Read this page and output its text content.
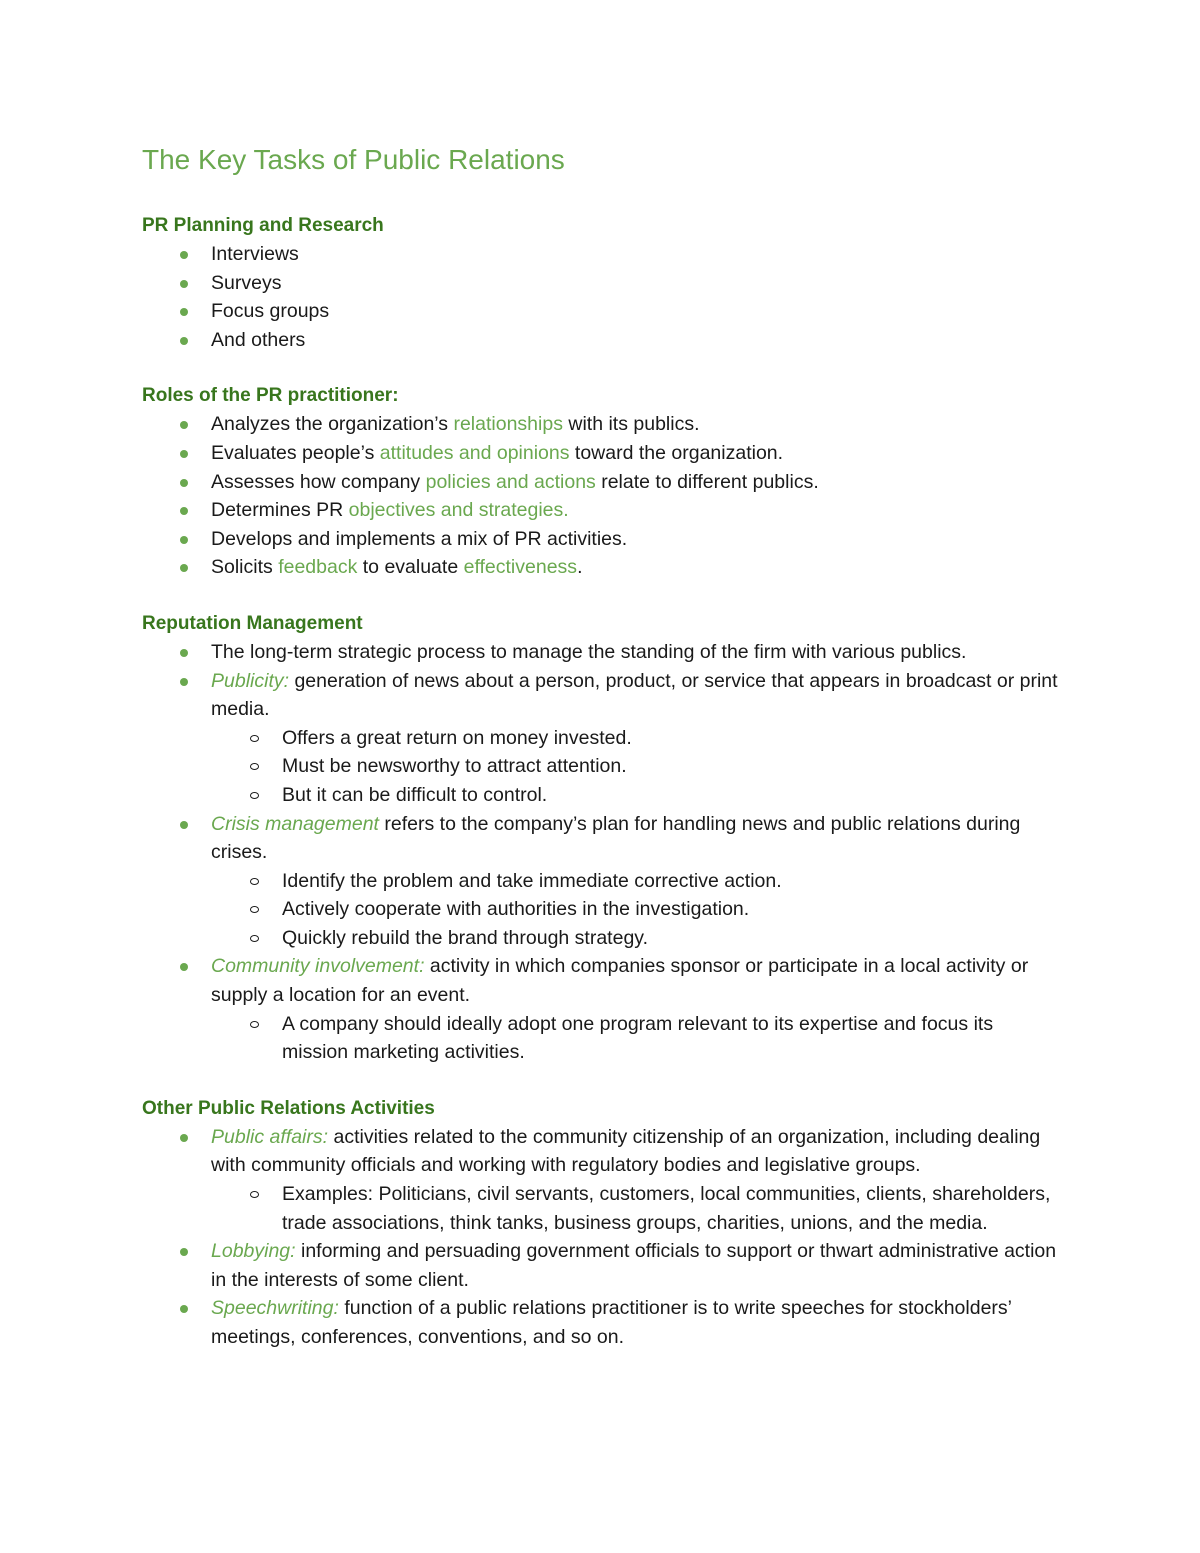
The Key Tasks of Public Relations

PR Planning and Research

Interviews
Surveys
Focus groups
And others

Roles of the PR practitioner:

Analyzes the organization’s relationships with its publics.
Evaluates people’s attitudes and opinions toward the organization.
Assesses how company policies and actions relate to different publics.
Determines PR objectives and strategies.
Develops and implements a mix of PR activities.
Solicits feedback to evaluate effectiveness.

Reputation Management

The long-term strategic process to manage the standing of the firm with various publics.
Publicity: generation of news about a person, product, or service that appears in broadcast or print media.
Offers a great return on money invested.
Must be newsworthy to attract attention.
But it can be difficult to control.
Crisis management refers to the company’s plan for handling news and public relations during crises.
Identify the problem and take immediate corrective action.
Actively cooperate with authorities in the investigation.
Quickly rebuild the brand through strategy.
Community involvement: activity in which companies sponsor or participate in a local activity or supply a location for an event.
A company should ideally adopt one program relevant to its expertise and focus its mission marketing activities.

Other Public Relations Activities

Public affairs: activities related to the community citizenship of an organization, including dealing with community officials and working with regulatory bodies and legislative groups.
Examples: Politicians, civil servants, customers, local communities, clients, shareholders, trade associations, think tanks, business groups, charities, unions, and the media.
Lobbying: informing and persuading government officials to support or thwart administrative action in the interests of some client.
Speechwriting: function of a public relations practitioner is to write speeches for stockholders’ meetings, conferences, conventions, and so on.
